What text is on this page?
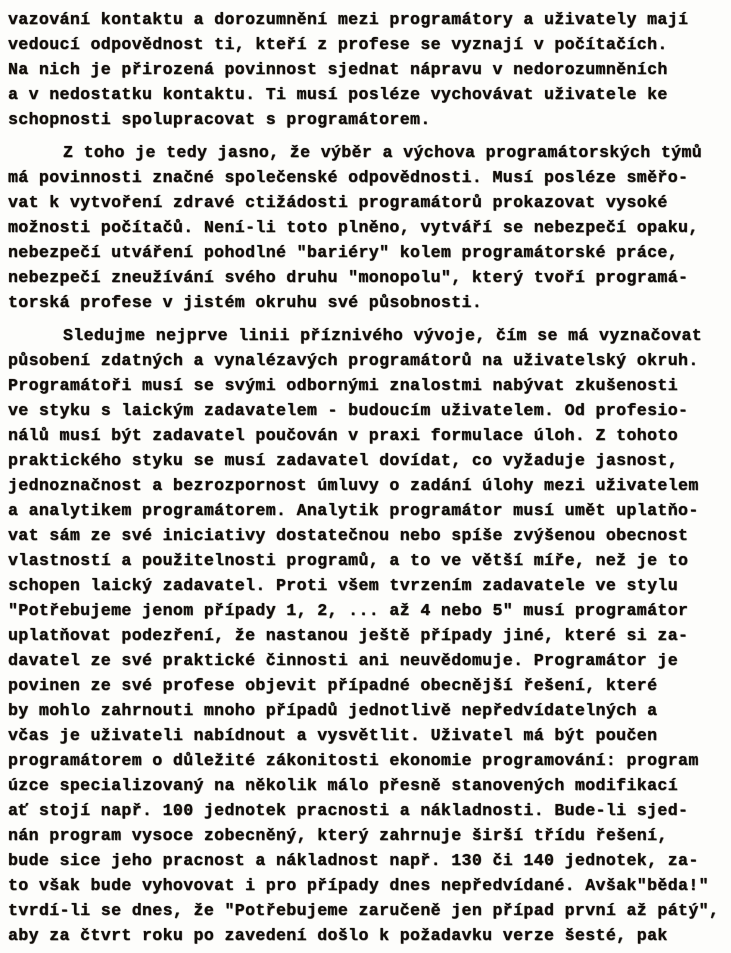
vazování kontaktu a dorozumnění mezi programátory a uživately mají
vedoucí odpovědnost ti, kteří z profese se vyznají v počítačích.
Na nich je přirozená povinnost sjednat nápravu v nedorozumněních
a v nedostatku kontaktu. Ti musí posléze vychovávat uživatele ke
schopnosti spolupracovat s programátorem.

Z toho je tedy jasno, že výběr a výchova programátorských týmů
má povinnosti značné společenské odpovědnosti. Musí posléze směřo-
vat k vytvoření zdravé ctižádosti programátorů prokazovat vysoké
možnosti počítačů. Není-li toto plněno, vytváří se nebezpečí opaku,
nebezpečí utváření pohodlné "bariéry" kolem programátorské práce,
nebezpečí zneužívání svého druhu "monopolu", který tvoří programá-
torská profese v jistém okruhu své působnosti.

Sledujme nejprve linii příznivého vývoje, čím se má vyznačovat
působení zdatných a vynalézavých programátorů na uživatelský okruh.
Programátoři musí se svými odbornými znalostmi nabývat zkušenosti
ve styku s laickým zadavatelem - budoucím uživatelem. Od profesio-
nálů musí být zadavatel poučován v praxi formulace úloh. Z tohoto
praktického styku se musí zadavatel dovídat, co vyžaduje jasnost,
jednoznačnost a bezrozpornost úmluvy o zadání úlohy mezi uživatelem
a analytikem programátorem. Analytik programátor musí umět uplatňo-
vat sám ze své iniciativy dostatečnou nebo spíše zvýšenou obecnost
vlastností a použitelnosti programů, a to ve větší míře, než je to
schopen laický zadavatel. Proti všem tvrzením zadavatele ve stylu
"Potřebujeme jenom případy 1, 2, ... až 4 nebo 5" musí programátor
uplatňovat podezření, že nastanou ještě případy jiné, které si za-
davatel ze své praktické činnosti ani neuvědomuje. Programátor je
povinen ze své profese objevit případné obecnější řešení, které
by mohlo zahrnouti mnoho případů jednotlivě nepředvídatelných a
včas je uživateli nabídnout a vysvětlit. Uživatel má být poučen
programátorem o důležité zákonitosti ekonomie programování: program
úzce specializovaný na několik málo přesně stanovených modifikací
ať stojí např. 100 jednotek pracnosti a nákladnosti. Bude-li sjed-
nán program vysoce zobecněný, který zahrnuje širší třídu řešení,
bude sice jeho pracnost a nákladnost např. 130 či 140 jednotek, za-
to však bude vyhovovat i pro případy dnes nepředvídané. Avšak"běda!"
tvrdí-li se dnes, že "Potřebujeme zaručeně jen případ první až pátý",
aby za čtvrt roku po zavedení došlo k požadavku verze šesté, pak
